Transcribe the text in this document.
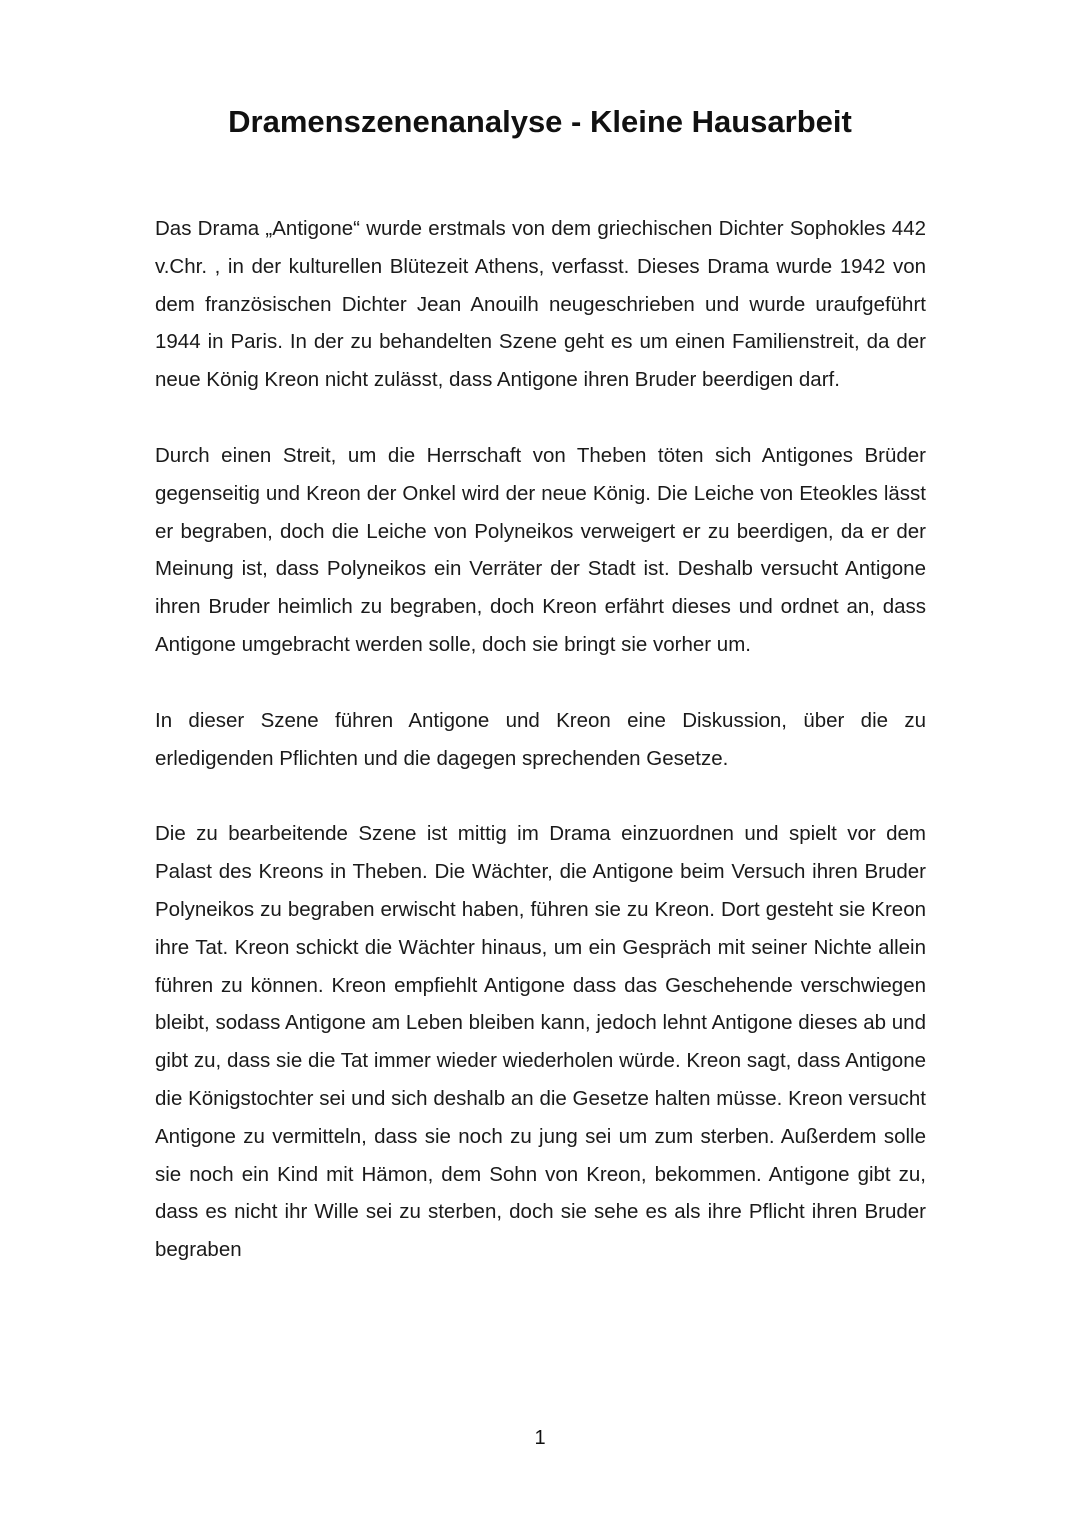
Dramenszenenanalyse - Kleine Hausarbeit

Das Drama „Antigone“ wurde erstmals von dem griechischen Dichter Sophokles 442 v.Chr. , in der kulturellen Blütezeit Athens, verfasst. Dieses Drama wurde 1942 von dem französischen Dichter Jean Anouilh neugeschrieben und wurde uraufgeführt 1944 in Paris. In der zu behandelten Szene geht es um einen Familienstreit, da der neue König Kreon nicht zulässt, dass Antigone ihren Bruder beerdigen darf.

Durch einen Streit, um die Herrschaft von Theben töten sich Antigones Brüder gegenseitig und Kreon der Onkel wird der neue König. Die Leiche von Eteokles lässt er begraben, doch die Leiche von Polyneikos verweigert er zu beerdigen, da er der Meinung ist, dass Polyneikos ein Verräter der Stadt ist. Deshalb versucht Antigone ihren Bruder heimlich zu begraben, doch Kreon erfährt dieses und ordnet an, dass Antigone umgebracht werden solle, doch sie bringt sie vorher um.

In dieser Szene führen Antigone und Kreon eine Diskussion, über die zu erledigenden Pflichten und die dagegen sprechenden Gesetze.

Die zu bearbeitende Szene ist mittig im Drama einzuordnen und spielt vor dem Palast des Kreons in Theben. Die Wächter, die Antigone beim Versuch ihren Bruder Polyneikos zu begraben erwischt haben, führen sie zu Kreon. Dort gesteht sie Kreon ihre Tat. Kreon schickt die Wächter hinaus, um ein Gespräch mit seiner Nichte allein führen zu können. Kreon empfiehlt Antigone dass das Geschehende verschwiegen bleibt, sodass Antigone am Leben bleiben kann, jedoch lehnt Antigone dieses ab und gibt zu, dass sie die Tat immer wieder wiederholen würde. Kreon sagt, dass Antigone die Königstochter sei und sich deshalb an die Gesetze halten müsse. Kreon versucht Antigone zu vermitteln, dass sie noch zu jung sei um zum sterben. Außerdem solle sie noch ein Kind mit Hämon, dem Sohn von Kreon, bekommen. Antigone gibt zu, dass es nicht ihr Wille sei zu sterben, doch sie sehe es als ihre Pflicht ihren Bruder begraben

1
